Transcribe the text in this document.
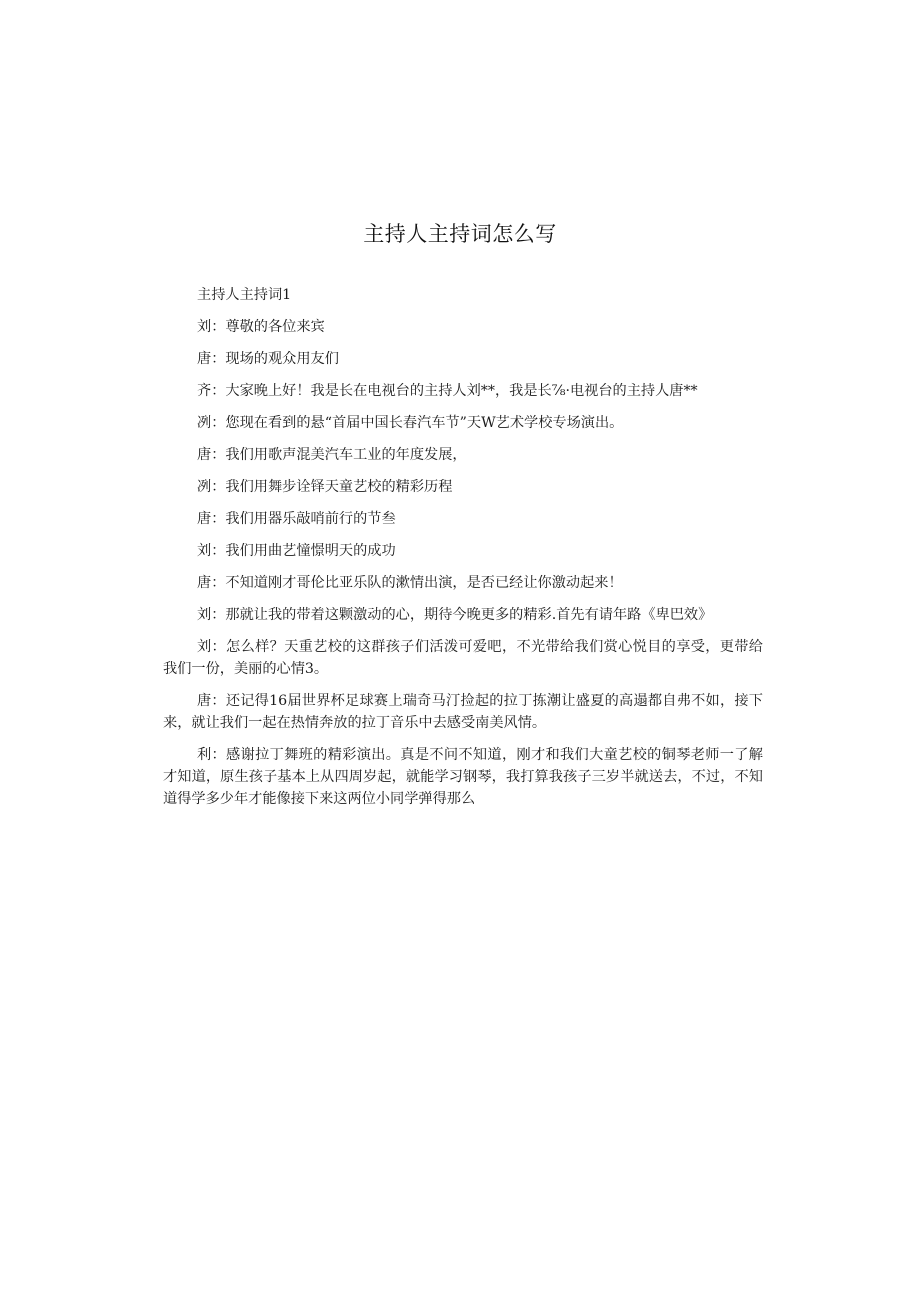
主持人主持词怎么写

主持人主持词1

刘：尊敬的各位来宾

唐：现场的观众用友们

齐：大家晚上好！我是长在电视台的主持人刘**，我是长⅞·电视台的主持人唐**

冽：您现在看到的悬“首届中国长春汽车节”天W艺术学校专场演出。

唐：我们用歌声混美汽车工业的年度发展，

冽：我们用舞步诠铎天童艺校的精彩历程

唐：我们用器乐敲哨前行的节叁

刘：我们用曲艺憧憬明天的成功

唐：不知道刚才哥伦比亚乐队的漱情出演，是否已经让你激动起来！

刘：那就让我的带着这颗激动的心，期待今晚更多的精彩.首先有请年路《卑巴效》

刘：怎么样？天重艺校的这群孩子们活泼可爱吧，不光带给我们赏心悦目的享受，更带给我们一份，美丽的心情3。

唐：还记得16届世界杯足球赛上瑞奇马汀捡起的拉丁拣潮让盛夏的高遢都自弗不如，接下来，就让我们一起在热情奔放的拉丁音乐中去感受南美风情。

利：感谢拉丁舞班的精彩演出。真是不问不知道，刚才和我们大童艺校的铜琴老师一了解才知道，原生孩子基本上从四周岁起，就能学习钢琴，我打算我孩子三岁半就送去，不过，不知道得学多少年才能像接下来这两位小同学弹得那么
